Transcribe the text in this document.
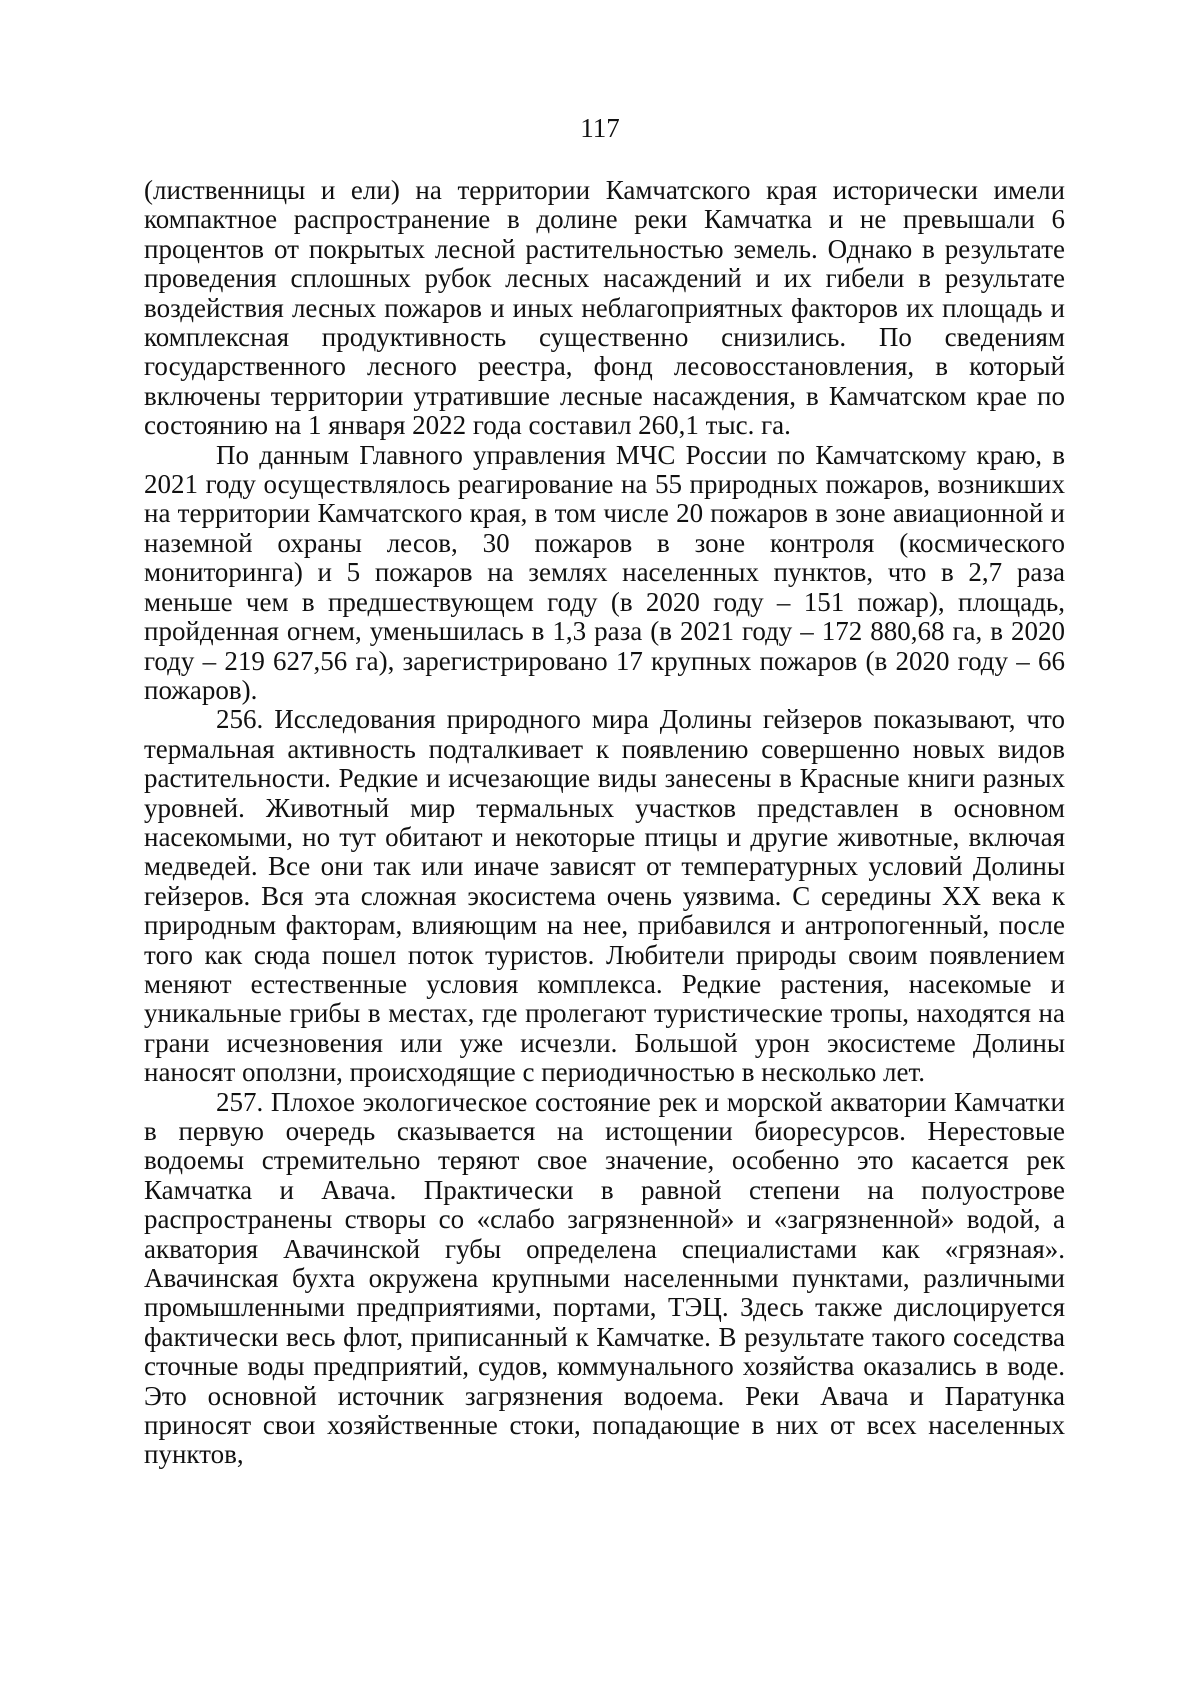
117

(лиственницы и ели) на территории Камчатского края исторически имели компактное распространение в долине реки Камчатка и не превышали 6 процентов от покрытых лесной растительностью земель. Однако в результате проведения сплошных рубок лесных насаждений и их гибели в результате воздействия лесных пожаров и иных неблагоприятных факторов их площадь и комплексная продуктивность существенно снизились. По сведениям государственного лесного реестра, фонд лесовосстановления, в который включены территории утратившие лесные насаждения, в Камчатском крае по состоянию на 1 января 2022 года составил 260,1 тыс. га.

По данным Главного управления МЧС России по Камчатскому краю, в 2021 году осуществлялось реагирование на 55 природных пожаров, возникших на территории Камчатского края, в том числе 20 пожаров в зоне авиационной и наземной охраны лесов, 30 пожаров в зоне контроля (космического мониторинга) и 5 пожаров на землях населенных пунктов, что в 2,7 раза меньше чем в предшествующем году (в 2020 году – 151 пожар), площадь, пройденная огнем, уменьшилась в 1,3 раза (в 2021 году – 172 880,68 га, в 2020 году – 219 627,56 га), зарегистрировано 17 крупных пожаров (в 2020 году – 66 пожаров).

256. Исследования природного мира Долины гейзеров показывают, что термальная активность подталкивает к появлению совершенно новых видов растительности. Редкие и исчезающие виды занесены в Красные книги разных уровней. Животный мир термальных участков представлен в основном насекомыми, но тут обитают и некоторые птицы и другие животные, включая медведей. Все они так или иначе зависят от температурных условий Долины гейзеров. Вся эта сложная экосистема очень уязвима. С середины XX века к природным факторам, влияющим на нее, прибавился и антропогенный, после того как сюда пошел поток туристов. Любители природы своим появлением меняют естественные условия комплекса. Редкие растения, насекомые и уникальные грибы в местах, где пролегают туристические тропы, находятся на грани исчезновения или уже исчезли. Большой урон экосистеме Долины наносят оползни, происходящие с периодичностью в несколько лет.

257. Плохое экологическое состояние рек и морской акватории Камчатки в первую очередь сказывается на истощении биоресурсов. Нерестовые водоемы стремительно теряют свое значение, особенно это касается рек Камчатка и Авача. Практически в равной степени на полуострове распространены створы со «слабо загрязненной» и «загрязненной» водой, а акватория Авачинской губы определена специалистами как «грязная». Авачинская бухта окружена крупными населенными пунктами, различными промышленными предприятиями, портами, ТЭЦ. Здесь также дислоцируется фактически весь флот, приписанный к Камчатке. В результате такого соседства сточные воды предприятий, судов, коммунального хозяйства оказались в воде. Это основной источник загрязнения водоема. Реки Авача и Паратунка приносят свои хозяйственные стоки, попадающие в них от всех населенных пунктов,
